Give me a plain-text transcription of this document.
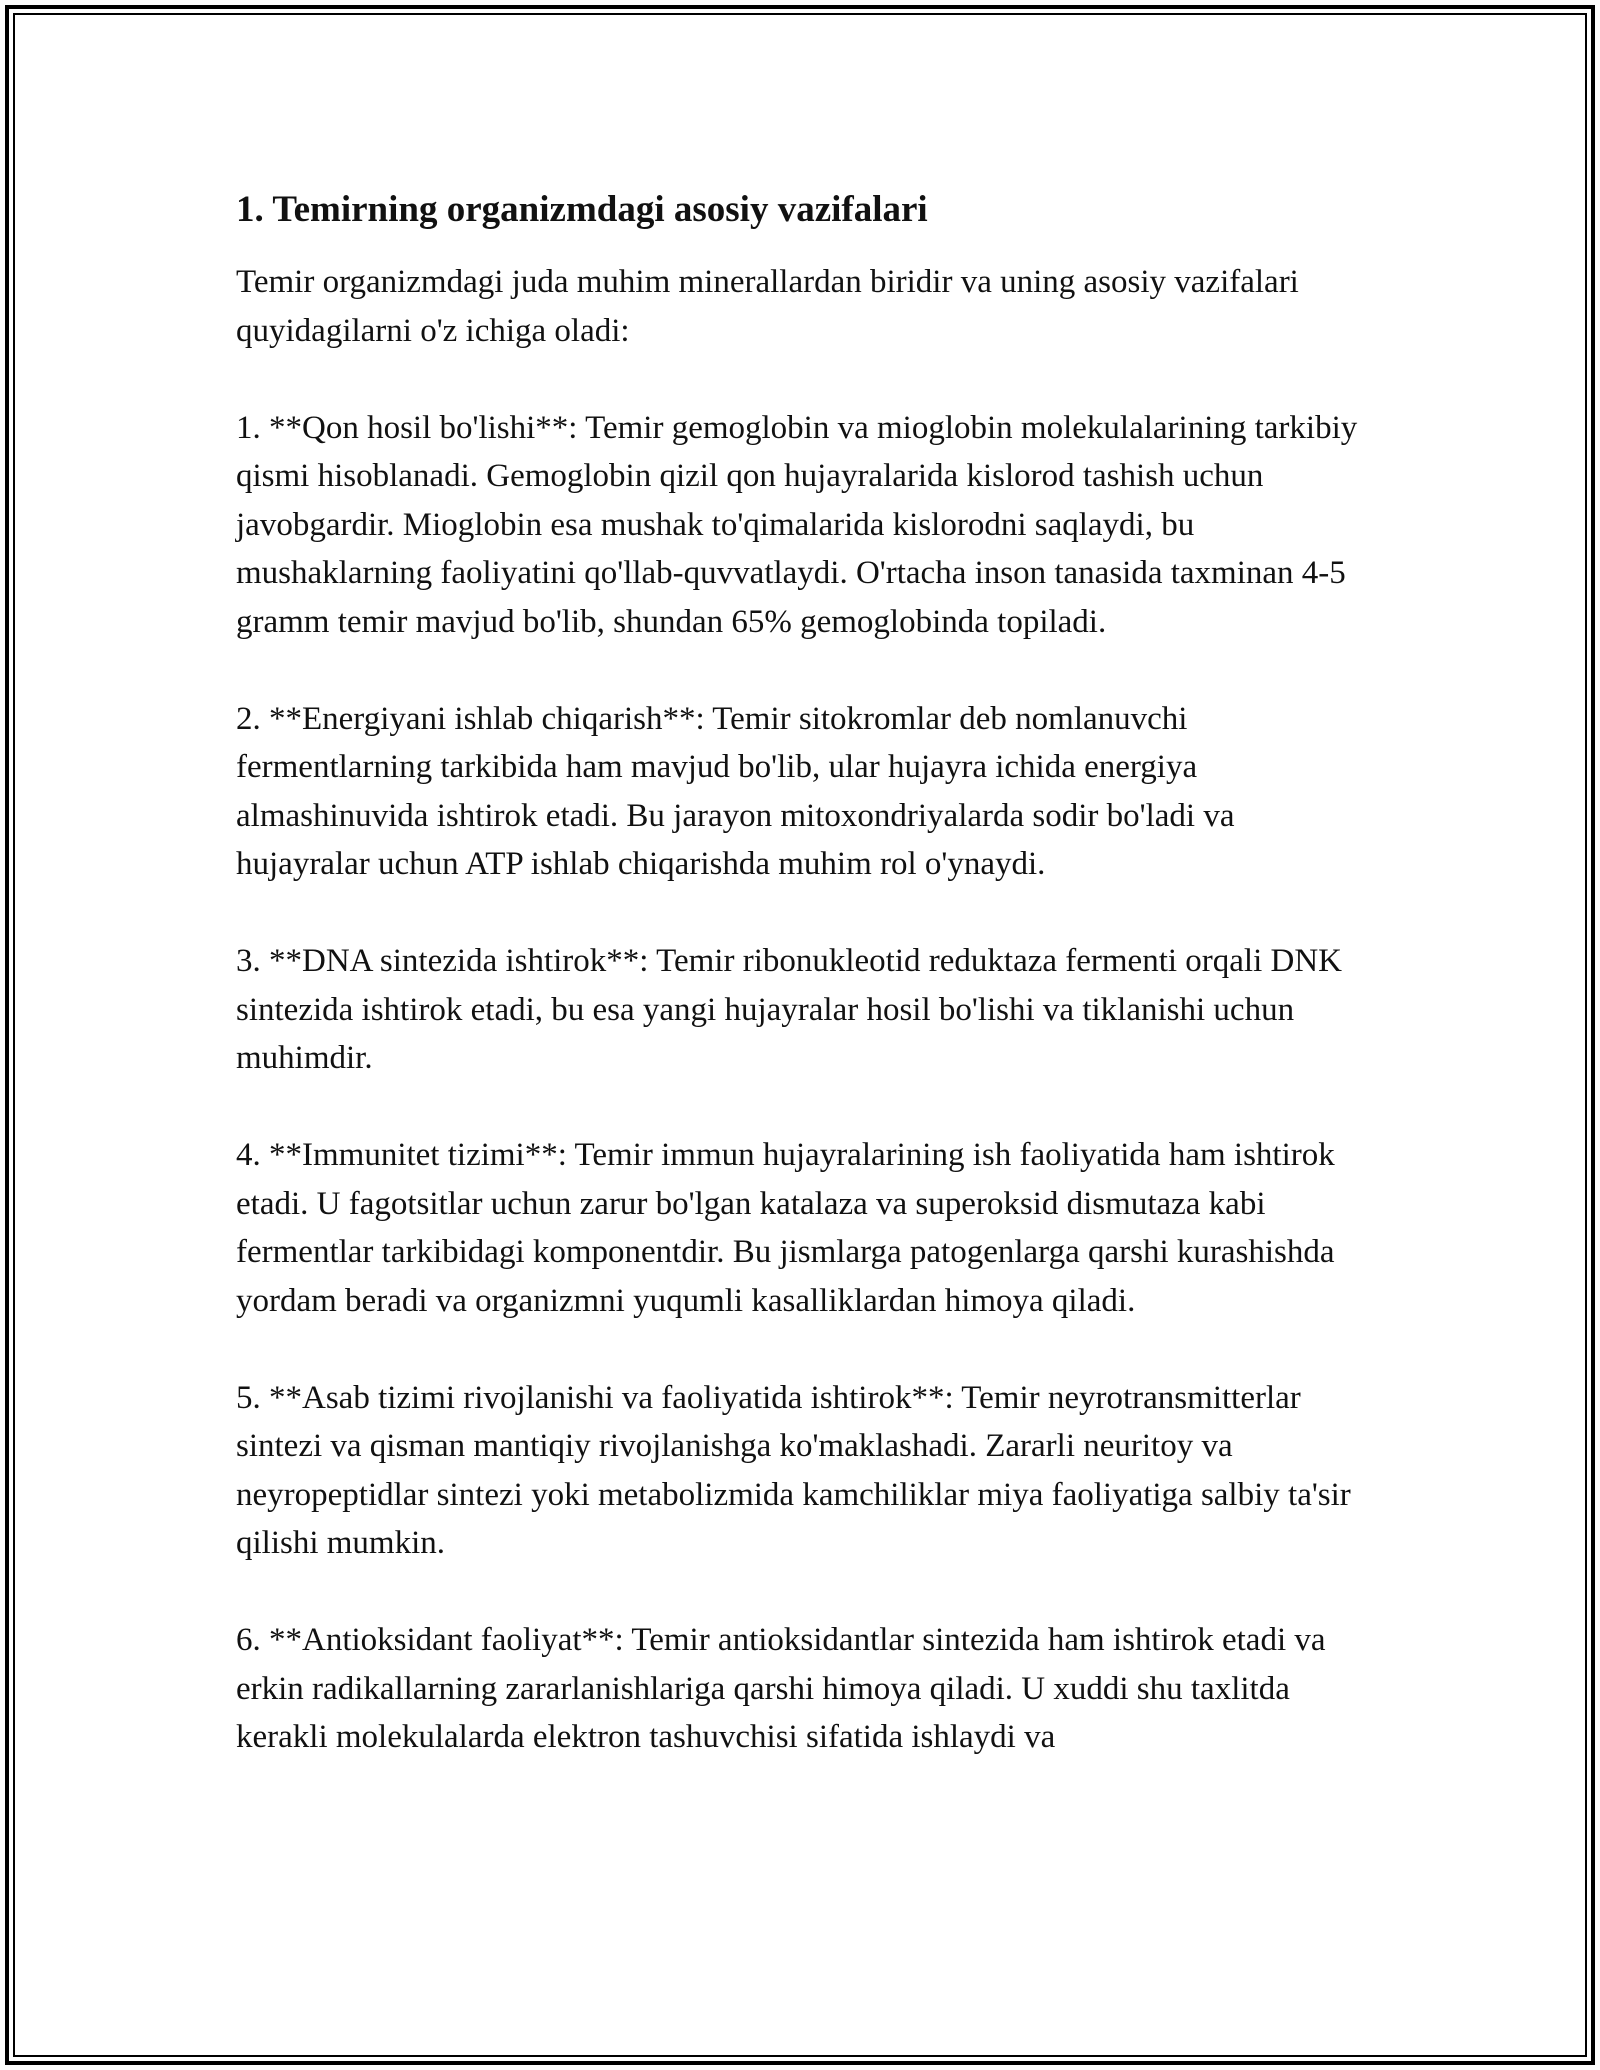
1. Temirning organizmdagi asosiy vazifalari
Temir organizmdagi juda muhim minerallardan biridir va uning asosiy vazifalari quyidagilarni o'z ichiga oladi:
1. **Qon hosil bo'lishi**: Temir gemoglobin va mioglobin molekulalarining tarkibiy qismi hisoblanadi. Gemoglobin qizil qon hujayralarida kislorod tashish uchun javobgardir. Mioglobin esa mushak to'qimalarida kislorodni saqlaydi, bu mushaklarning faoliyatini qo'llab-quvvatlaydi. O'rtacha inson tanasida taxminan 4-5 gramm temir mavjud bo'lib, shundan 65% gemoglobinda topiladi.
2. **Energiyani ishlab chiqarish**: Temir sitokromlar deb nomlanuvchi fermentlarning tarkibida ham mavjud bo'lib, ular hujayra ichida energiya almashinuvida ishtirok etadi. Bu jarayon mitoxondriyalarda sodir bo'ladi va hujayralar uchun ATP ishlab chiqarishda muhim rol o'ynaydi.
3. **DNA sintezida ishtirok**: Temir ribonukleotid reduktaza fermenti orqali DNK sintezida ishtirok etadi, bu esa yangi hujayralar hosil bo'lishi va tiklanishi uchun muhimdir.
4. **Immunitet tizimi**: Temir immun hujayralarining ish faoliyatida ham ishtirok etadi. U fagotsitlar uchun zarur bo'lgan katalaza va superoksid dismutaza kabi fermentlar tarkibidagi komponentdir. Bu jismlarga patogenlarga qarshi kurashishda yordam beradi va organizmni yuqumli kasalliklardan himoya qiladi.
5. **Asab tizimi rivojlanishi va faoliyatida ishtirok**: Temir neyrotransmitterlar sintezi va qisman mantiqiy rivojlanishga ko'maklashadi. Zararli neuritoy va neyropeptidlar sintezi yoki metabolizmida kamchiliklar miya faoliyatiga salbiy ta'sir qilishi mumkin.
6. **Antioksidant faoliyat**: Temir antioksidantlar sintezida ham ishtirok etadi va erkin radikallarning zararlanishlariga qarshi himoya qiladi. U xuddi shu taxlitda kerakli molekulalarda elektron tashuvchisi sifatida ishlaydi va
